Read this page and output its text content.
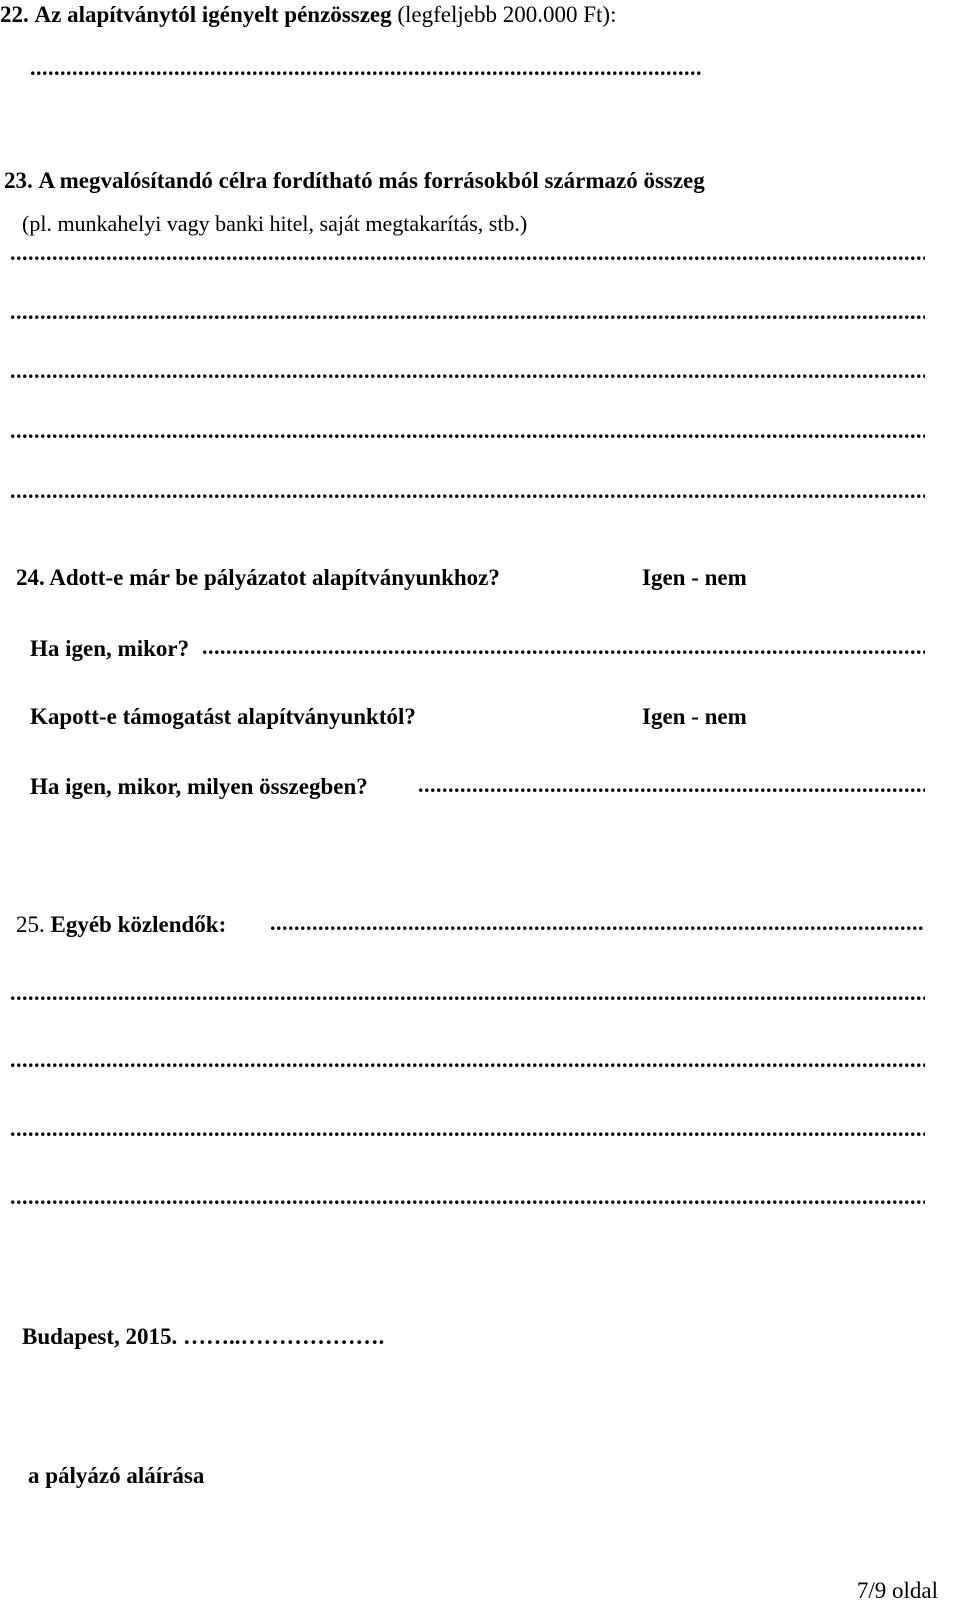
22. Az alapítványtól igényelt pénzösszeg (legfeljebb 200.000 Ft):
.....
23. A megvalósítandó célra fordítható más forrásokból származó összeg
(pl. munkahelyi vagy banki hitel, saját megtakarítás, stb.)
.....
.....
.....
.....
.....
24. Adott-e már be pályázatot alapítványunkhoz?	Igen - nem
Ha igen, mikor?
.....
Kapott-e támogatást alapítványunktól?	Igen - nem
Ha igen, mikor, milyen összegben?
.....
25. Egyéb közlendők:
.....
.....
.....
.....
.....
Budapest, 2015. ……..……………….
a pályázó aláírása
7/9 oldal
